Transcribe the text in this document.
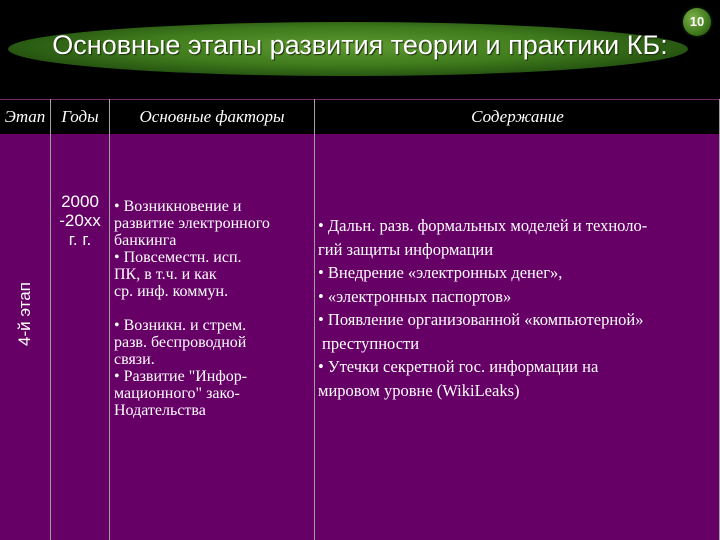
10
Основные этапы развития теории и практики КБ:
Этап Годы	Основные факторы	Содержание
4-й этап
2000
-20хх
г. г.
• Возникновение и
развитие электронного
банкинга
• Повсеместн. исп.
ПК, в т.ч. и как
ср. инф. коммун.
• Возникн. и стрем.
разв. беспроводной
связи.
• Развитие "Инфор-
мационного" зако-
Нодательства
• Дальн. разв. формальных моделей и техноло-
гий защиты информации
• Внедрение «электронных денег»,
• «электронных паспортов»
• Появление организованной «компьютерной»
преступности
• Утечки секретной гос. информации на
мировом уровне (WikiLeaks)
